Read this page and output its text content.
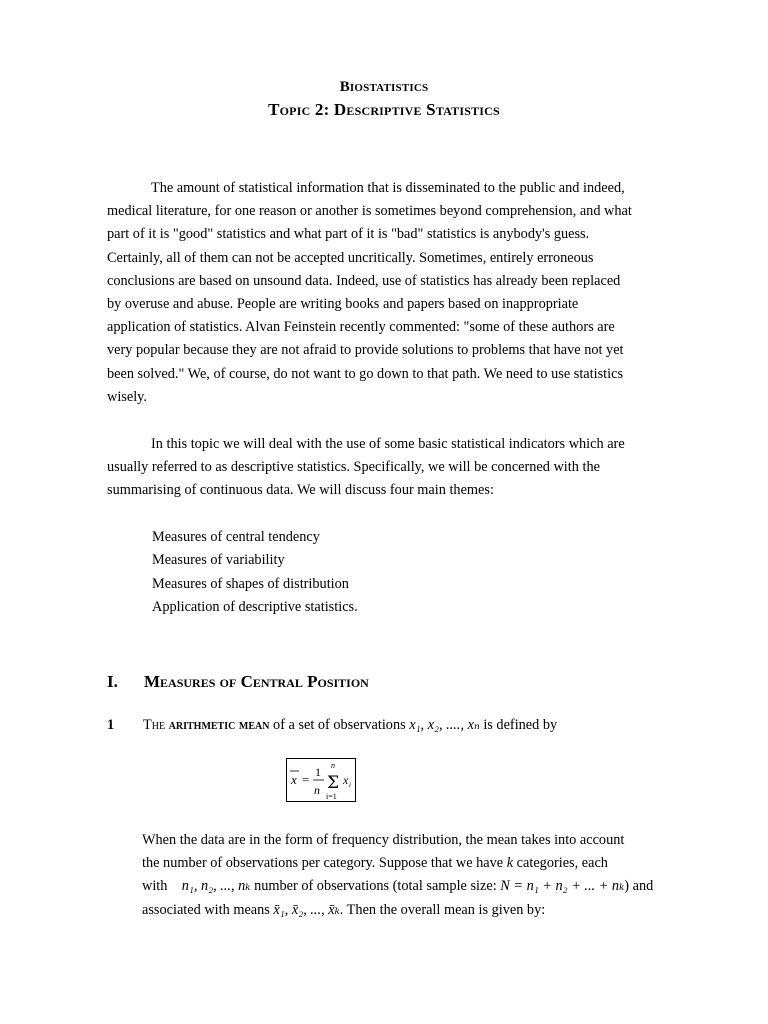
Biostatistics
Topic 2: Descriptive Statistics

The amount of statistical information that is disseminated to the public and indeed,

medical literature, for one reason or another is sometimes beyond comprehension, and what

part of it is "good" statistics and what part of it is "bad" statistics is anybody's guess.

Certainly, all of them can not be accepted uncritically. Sometimes, entirely erroneous

conclusions are based on unsound data. Indeed, use of statistics has already been replaced

by overuse and abuse. People are writing books and papers based on inappropriate

application of statistics. Alvan Feinstein recently commented: "some of these authors are

very popular because they are not afraid to provide solutions to problems that have not yet

been solved." We, of course, do not want to go down to that path. We need to use statistics

wisely.

In this topic we will deal with the use of some basic statistical indicators which are

usually referred to as descriptive statistics. Specifically, we will be concerned with the

summarising of continuous data. We will discuss four main themes:

Measures of central tendency
Measures of variability
Measures of shapes of distribution
Application of descriptive statistics.
I. Measures of Central Position
1 The arithmetic mean of a set of observations x₁, x₂, ...., xₙ is defined by
x = 1
n
n
Σ
i=1
x i

When the data are in the form of frequency distribution, the mean takes into account

the number of observations per category. Suppose that we have k categories, each

with    n₁, n₂, ..., nₖ number of observations (total sample size: N = n₁ + n₂ + ... + nₖ) and

associated with means x̄₁, x̄₂, ..., x̄ₖ. Then the overall mean is given by:
